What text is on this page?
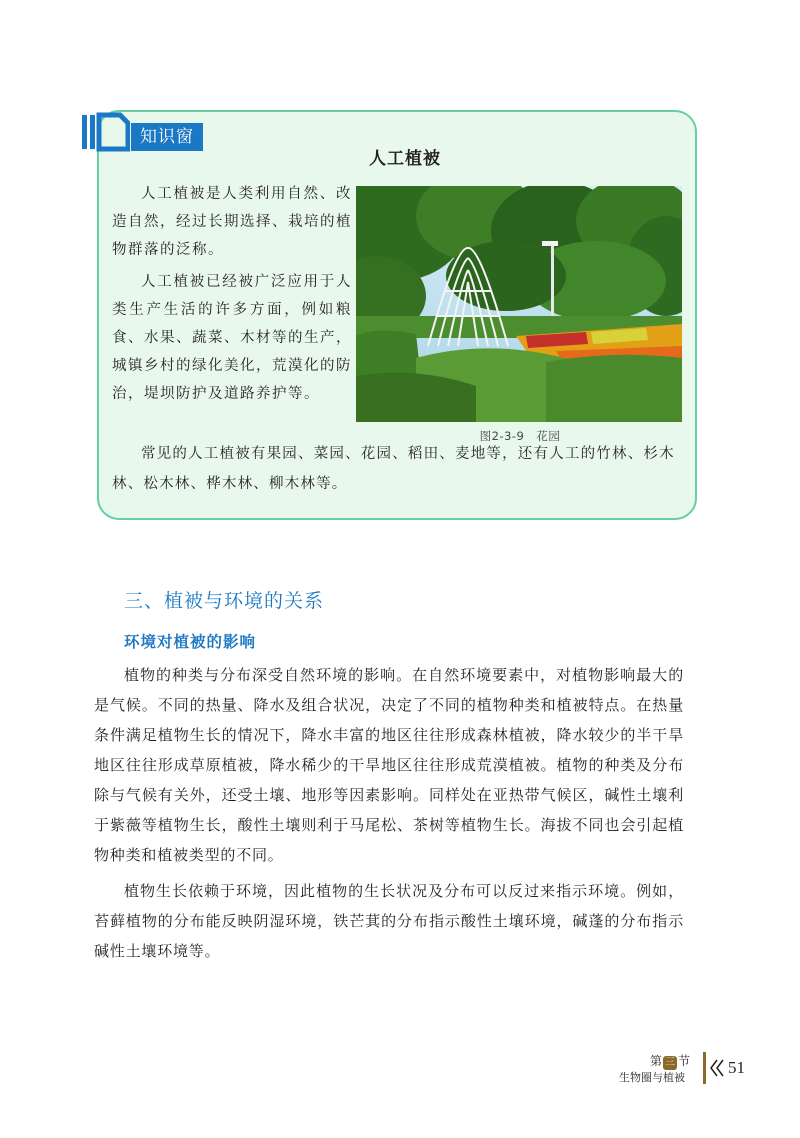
知识窗
人工植被

人工植被是人类利用自然、改造自然，经过长期选择、栽培的植物群落的泛称。

人工植被已经被广泛应用于人类生产生活的许多方面，例如粮食、水果、蔬菜、木材等的生产，城镇乡村的绿化美化，荒漠化的防治，堤坝防护及道路养护等。

图2-3-9　花园

常见的人工植被有果园、菜园、花园、稻田、麦地等，还有人工的竹林、杉木林、松木林、桦木林、柳木林等。

三、植被与环境的关系
环境对植被的影响

植物的种类与分布深受自然环境的影响。在自然环境要素中，对植物影响最大的是气候。不同的热量、降水及组合状况，决定了不同的植物种类和植被特点。在热量条件满足植物生长的情况下，降水丰富的地区往往形成森林植被，降水较少的半干旱地区往往形成草原植被，降水稀少的干旱地区往往形成荒漠植被。植物的种类及分布除与气候有关外，还受土壤、地形等因素影响。同样处在亚热带气候区，碱性土壤利于紫薇等植物生长，酸性土壤则利于马尾松、茶树等植物生长。海拔不同也会引起植物种类和植被类型的不同。

植物生长依赖于环境，因此植物的生长状况及分布可以反过来指示环境。例如，苔藓植物的分布能反映阴湿环境，铁芒萁的分布指示酸性土壤环境，碱蓬的分布指示碱性土壤环境等。

第 三 节
生物圈与植被
51
